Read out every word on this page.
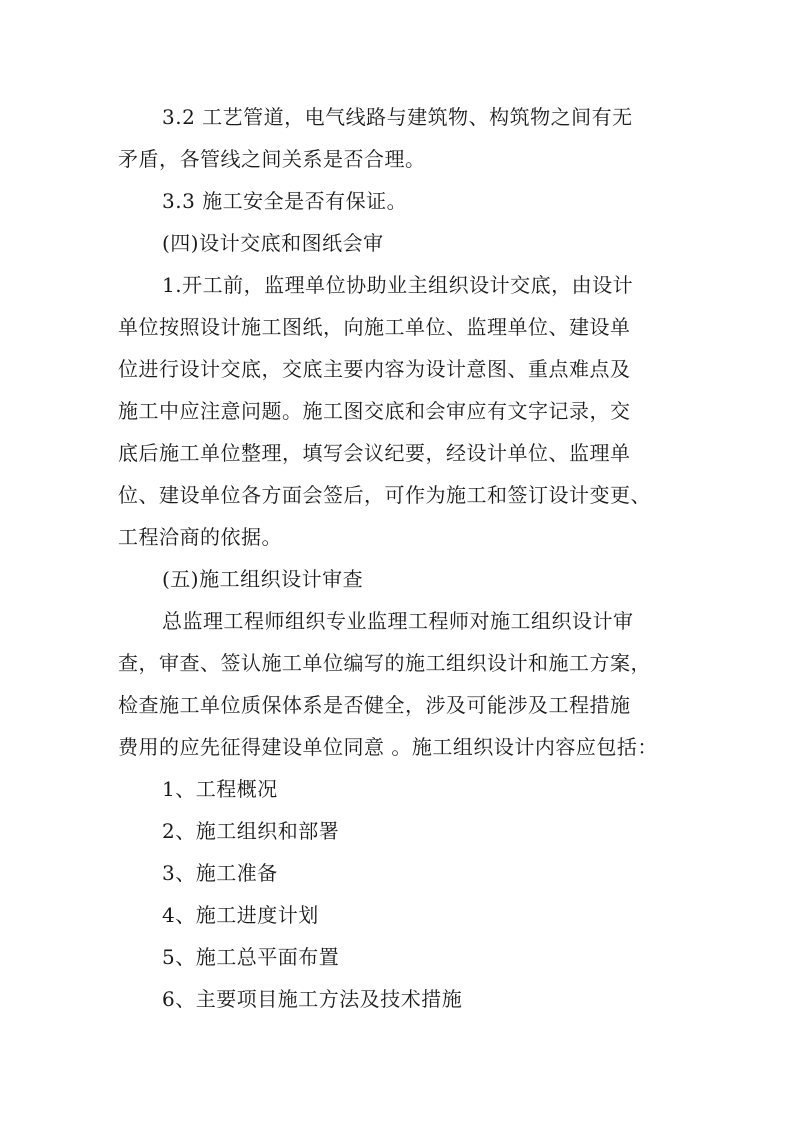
3.2 工艺管道，电气线路与建筑物、构筑物之间有无
矛盾，各管线之间关系是否合理。

3.3 施工安全是否有保证。

(四)设计交底和图纸会审

1.开工前，监理单位协助业主组织设计交底，由设计
单位按照设计施工图纸，向施工单位、监理单位、建设单
位进行设计交底，交底主要内容为设计意图、重点难点及
施工中应注意问题。施工图交底和会审应有文字记录，交
底后施工单位整理，填写会议纪要，经设计单位、监理单
位、建设单位各方面会签后，可作为施工和签订设计变更、
工程洽商的依据。

(五)施工组织设计审查

总监理工程师组织专业监理工程师对施工组织设计审
查，审查、签认施工单位编写的施工组织设计和施工方案，
检查施工单位质保体系是否健全，涉及可能涉及工程措施
费用的应先征得建设单位同意 。施工组织设计内容应包括：

1、工程概况

2、施工组织和部署

3、施工准备

4、施工进度计划

5、施工总平面布置

6、主要项目施工方法及技术措施
